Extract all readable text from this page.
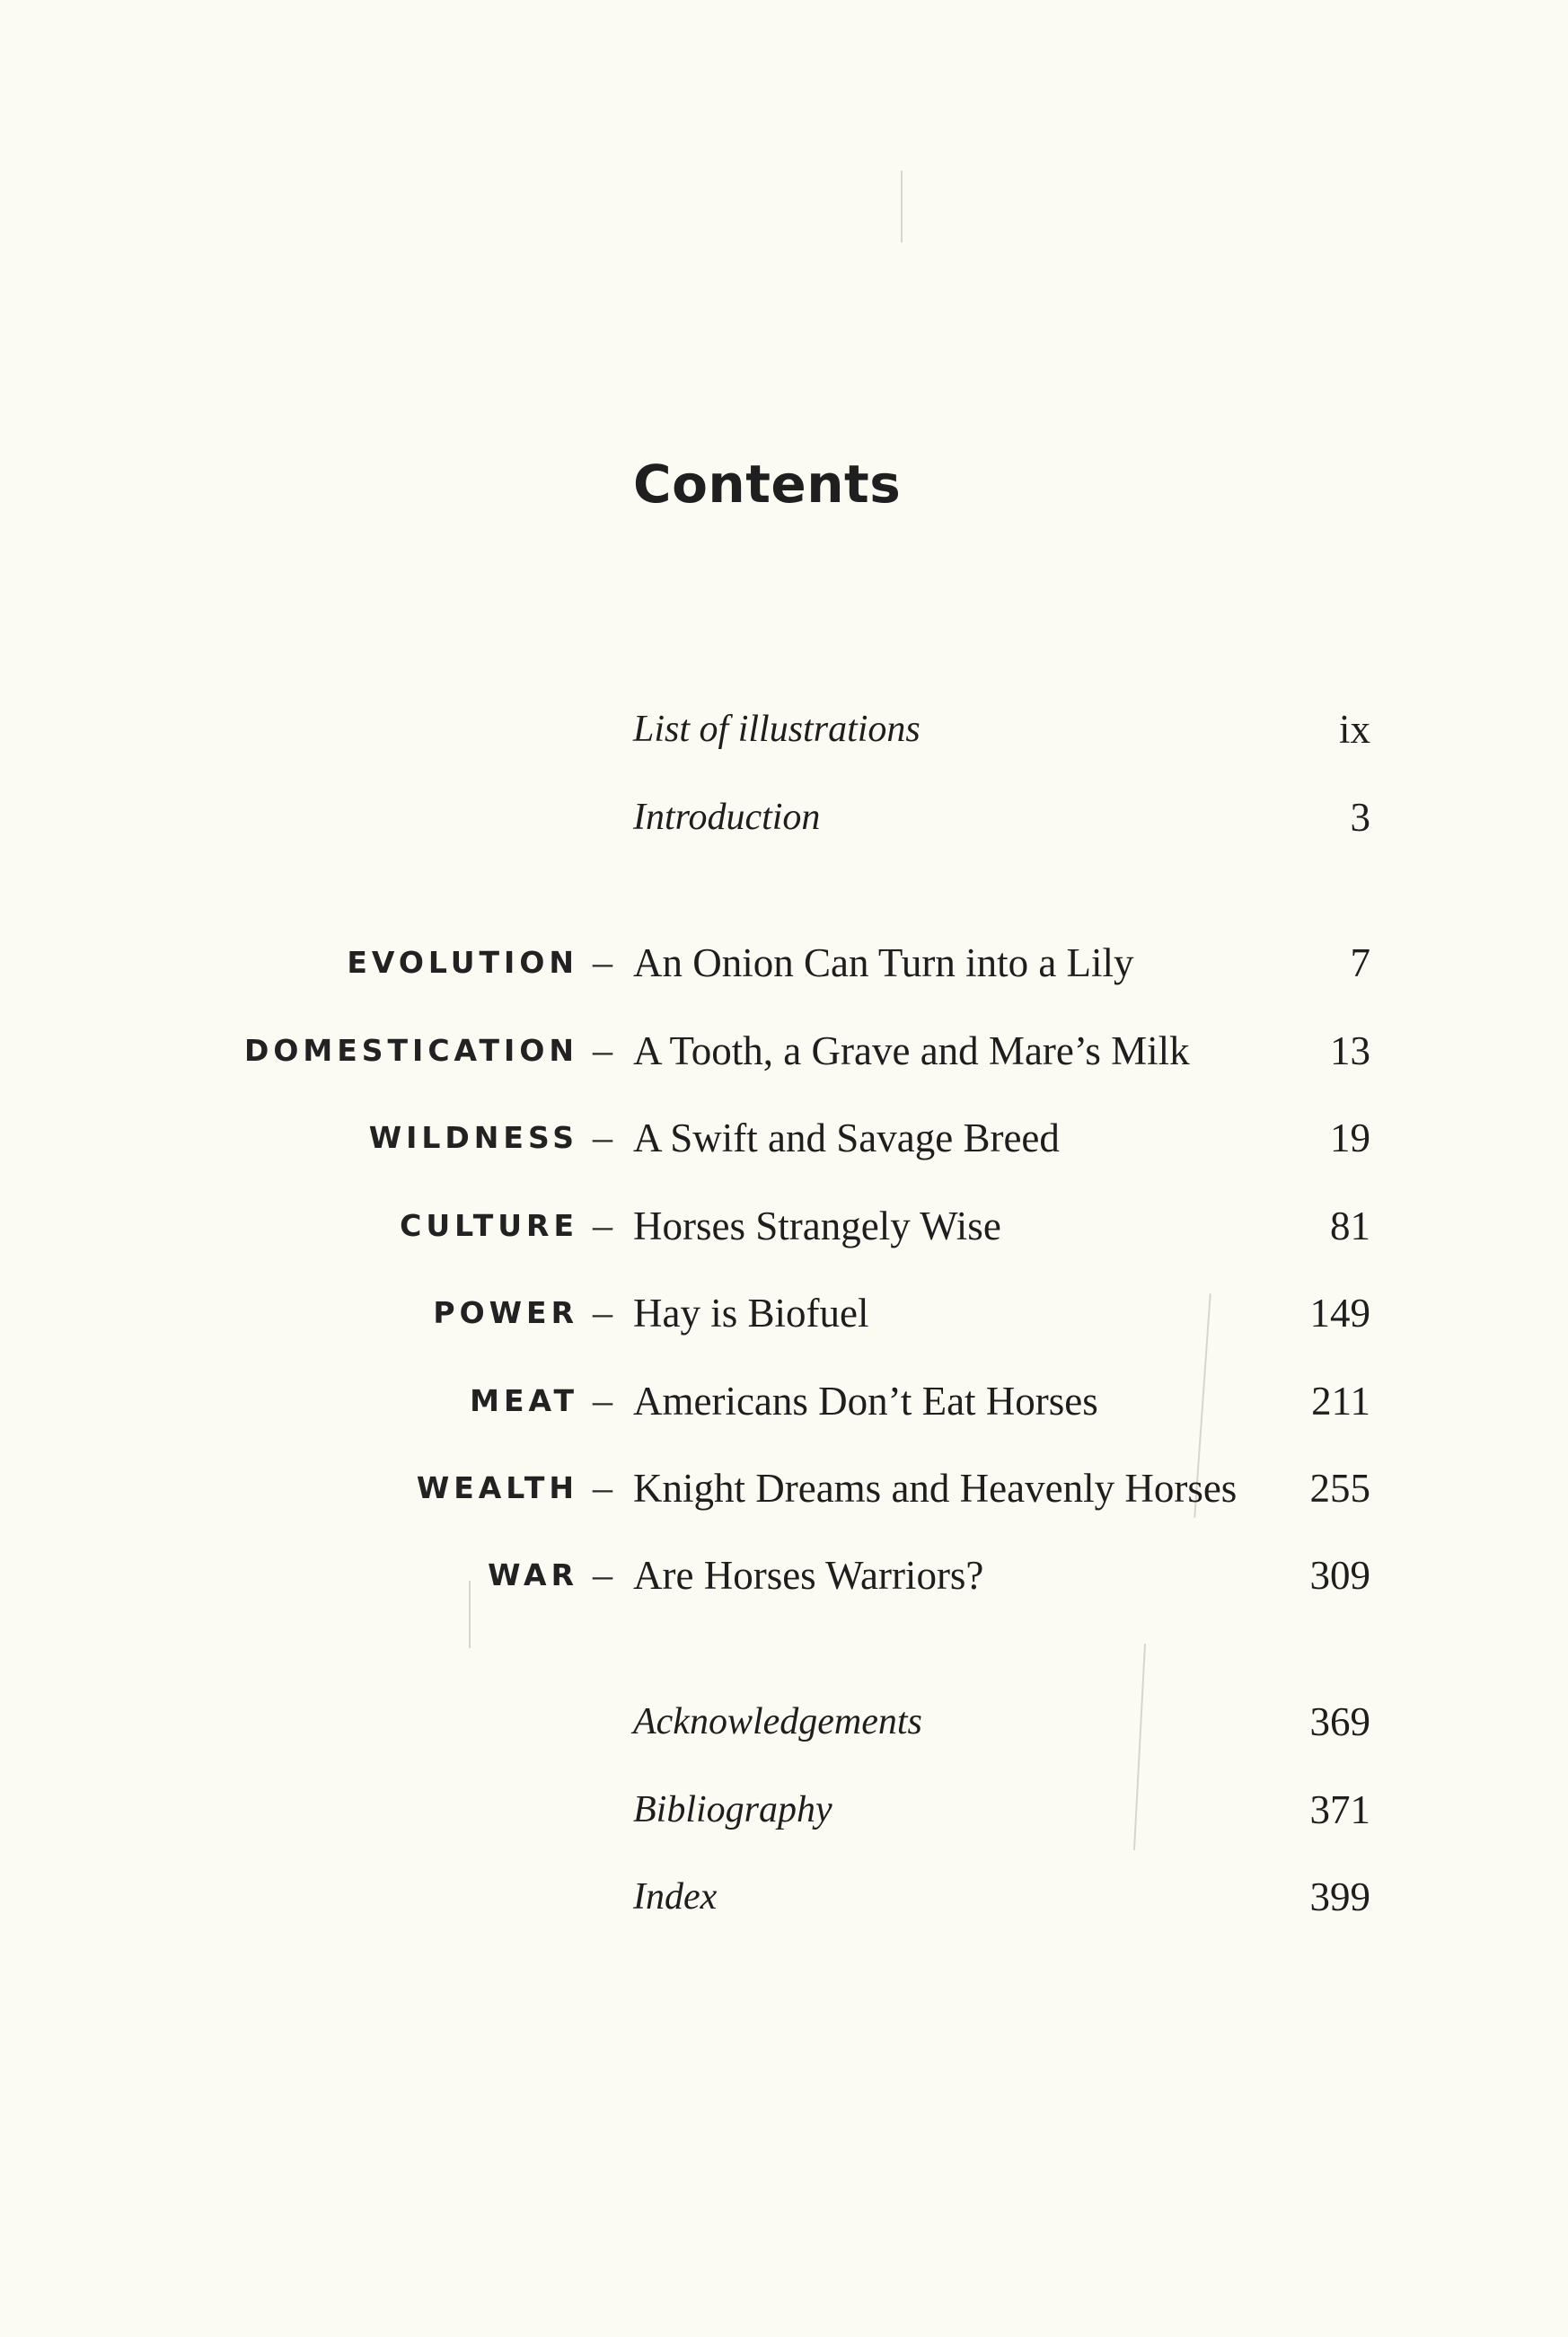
Contents
List of illustrations	ix
Introduction	3
EVOLUTION – An Onion Can Turn into a Lily	7
DOMESTICATION – A Tooth, a Grave and Mare’s Milk	13
WILDNESS – A Swift and Savage Breed	19
CULTURE – Horses Strangely Wise	81
POWER – Hay is Biofuel	149
MEAT – Americans Don’t Eat Horses	211
WEALTH – Knight Dreams and Heavenly Horses 255
WAR – Are Horses Warriors?	309
Acknowledgements	369
Bibliography	371
Index	399
